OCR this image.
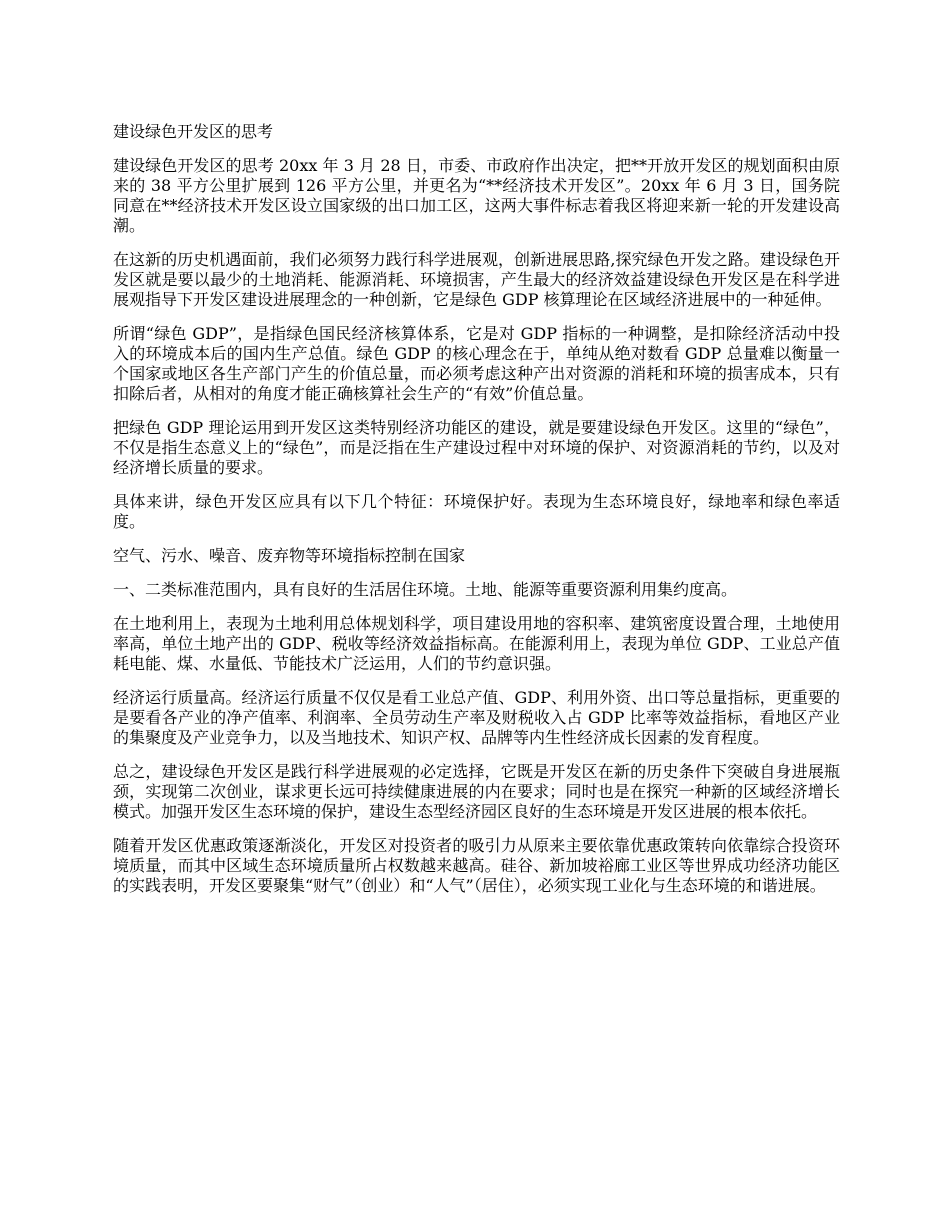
建设绿色开发区的思考

建设绿色开发区的思考 20xx 年 3 月 28 日，市委、市政府作出决定，把**开放开发区的规划面积由原来的 38 平方公里扩展到 126 平方公里，并更名为“**经济技术开发区”。20xx 年 6 月 3 日，国务院同意在**经济技术开发区设立国家级的出口加工区，这两大事件标志着我区将迎来新一轮的开发建设高潮。

在这新的历史机遇面前，我们必须努力践行科学进展观，创新进展思路,探究绿色开发之路。建设绿色开发区就是要以最少的土地消耗、能源消耗、环境损害，产生最大的经济效益建设绿色开发区是在科学进展观指导下开发区建设进展理念的一种创新，它是绿色 GDP 核算理论在区域经济进展中的一种延伸。

所谓“绿色 GDP”，是指绿色国民经济核算体系，它是对 GDP 指标的一种调整，是扣除经济活动中投入的环境成本后的国内生产总值。绿色 GDP 的核心理念在于，单纯从绝对数看 GDP 总量难以衡量一个国家或地区各生产部门产生的价值总量，而必须考虑这种产出对资源的消耗和环境的损害成本，只有扣除后者，从相对的角度才能正确核算社会生产的“有效”价值总量。

把绿色 GDP 理论运用到开发区这类特别经济功能区的建设，就是要建设绿色开发区。这里的“绿色”，不仅是指生态意义上的“绿色”，而是泛指在生产建设过程中对环境的保护、对资源消耗的节约，以及对经济增长质量的要求。

具体来讲，绿色开发区应具有以下几个特征：环境保护好。表现为生态环境良好，绿地率和绿色率适度。

空气、污水、噪音、废弃物等环境指标控制在国家

一、二类标准范围内，具有良好的生活居住环境。土地、能源等重要资源利用集约度高。

在土地利用上，表现为土地利用总体规划科学，项目建设用地的容积率、建筑密度设置合理，土地使用率高，单位土地产出的 GDP、税收等经济效益指标高。在能源利用上，表现为单位 GDP、工业总产值耗电能、煤、水量低、节能技术广泛运用，人们的节约意识强。

经济运行质量高。经济运行质量不仅仅是看工业总产值、GDP、利用外资、出口等总量指标，更重要的是要看各产业的净产值率、利润率、全员劳动生产率及财税收入占 GDP 比率等效益指标，看地区产业的集聚度及产业竞争力，以及当地技术、知识产权、品牌等内生性经济成长因素的发育程度。

总之，建设绿色开发区是践行科学进展观的必定选择，它既是开发区在新的历史条件下突破自身进展瓶颈，实现第二次创业，谋求更长远可持续健康进展的内在要求；同时也是在探究一种新的区域经济增长模式。加强开发区生态环境的保护，建设生态型经济园区良好的生态环境是开发区进展的根本依托。

随着开发区优惠政策逐渐淡化，开发区对投资者的吸引力从原来主要依靠优惠政策转向依靠综合投资环境质量，而其中区域生态环境质量所占权数越来越高。硅谷、新加坡裕廊工业区等世界成功经济功能区的实践表明，开发区要聚集“财气”（创业）和“人气”（居住），必须实现工业化与生态环境的和谐进展。
